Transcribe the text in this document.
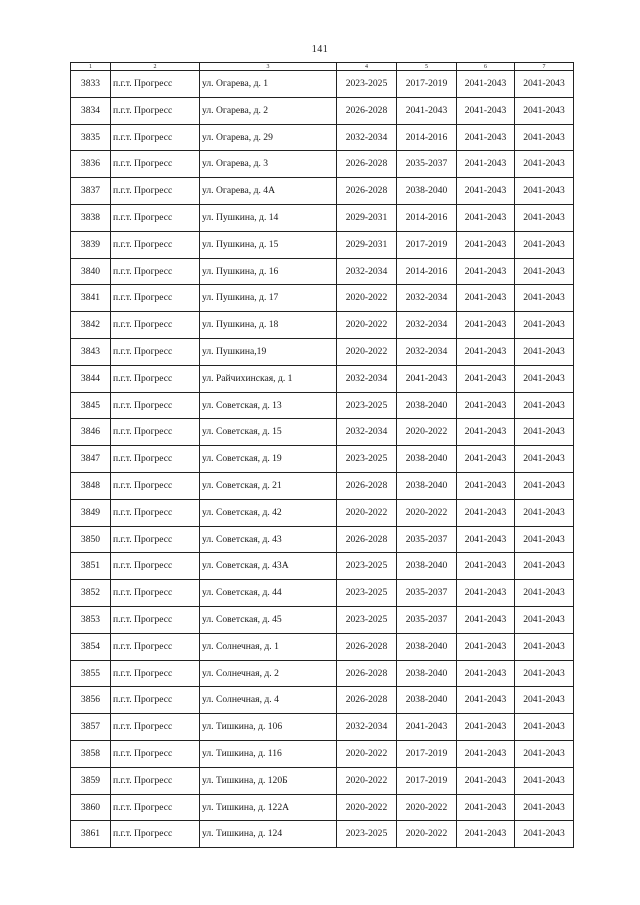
141
1	2	3	4	5	6	7
3833	п.г.т. Прогресс	ул. Огарева, д. 1	2023-2025	2017-2019	2041-2043	2041-2043
3834	п.г.т. Прогресс	ул. Огарева, д. 2	2026-2028	2041-2043	2041-2043	2041-2043
3835	п.г.т. Прогресс	ул. Огарева, д. 29	2032-2034	2014-2016	2041-2043	2041-2043
3836	п.г.т. Прогресс	ул. Огарева, д. 3	2026-2028	2035-2037	2041-2043	2041-2043
3837	п.г.т. Прогресс	ул. Огарева, д. 4А	2026-2028	2038-2040	2041-2043	2041-2043
3838	п.г.т. Прогресс	ул. Пушкина, д. 14	2029-2031	2014-2016	2041-2043	2041-2043
3839	п.г.т. Прогресс	ул. Пушкина, д. 15	2029-2031	2017-2019	2041-2043	2041-2043
3840	п.г.т. Прогресс	ул. Пушкина, д. 16	2032-2034	2014-2016	2041-2043	2041-2043
3841	п.г.т. Прогресс	ул. Пушкина, д. 17	2020-2022	2032-2034	2041-2043	2041-2043
3842	п.г.т. Прогресс	ул. Пушкина, д. 18	2020-2022	2032-2034	2041-2043	2041-2043
3843	п.г.т. Прогресс	ул. Пушкина,19	2020-2022	2032-2034	2041-2043	2041-2043
3844	п.г.т. Прогресс	ул. Райчихинская, д. 1	2032-2034	2041-2043	2041-2043	2041-2043
3845	п.г.т. Прогресс	ул. Советская, д. 13	2023-2025	2038-2040	2041-2043	2041-2043
3846	п.г.т. Прогресс	ул. Советская, д. 15	2032-2034	2020-2022	2041-2043	2041-2043
3847	п.г.т. Прогресс	ул. Советская, д. 19	2023-2025	2038-2040	2041-2043	2041-2043
3848	п.г.т. Прогресс	ул. Советская, д. 21	2026-2028	2038-2040	2041-2043	2041-2043
3849	п.г.т. Прогресс	ул. Советская, д. 42	2020-2022	2020-2022	2041-2043	2041-2043
3850	п.г.т. Прогресс	ул. Советская, д. 43	2026-2028	2035-2037	2041-2043	2041-2043
3851	п.г.т. Прогресс	ул. Советская, д. 43А	2023-2025	2038-2040	2041-2043	2041-2043
3852	п.г.т. Прогресс	ул. Советская, д. 44	2023-2025	2035-2037	2041-2043	2041-2043
3853	п.г.т. Прогресс	ул. Советская, д. 45	2023-2025	2035-2037	2041-2043	2041-2043
3854	п.г.т. Прогресс	ул. Солнечная, д. 1	2026-2028	2038-2040	2041-2043	2041-2043
3855	п.г.т. Прогресс	ул. Солнечная, д. 2	2026-2028	2038-2040	2041-2043	2041-2043
3856	п.г.т. Прогресс	ул. Солнечная, д. 4	2026-2028	2038-2040	2041-2043	2041-2043
3857	п.г.т. Прогресс	ул. Тишкина, д. 106	2032-2034	2041-2043	2041-2043	2041-2043
3858	п.г.т. Прогресс	ул. Тишкина, д. 116	2020-2022	2017-2019	2041-2043	2041-2043
3859	п.г.т. Прогресс	ул. Тишкина, д. 120Б	2020-2022	2017-2019	2041-2043	2041-2043
3860	п.г.т. Прогресс	ул. Тишкина, д. 122А	2020-2022	2020-2022	2041-2043	2041-2043
3861	п.г.т. Прогресс	ул. Тишкина, д. 124	2023-2025	2020-2022	2041-2043	2041-2043
